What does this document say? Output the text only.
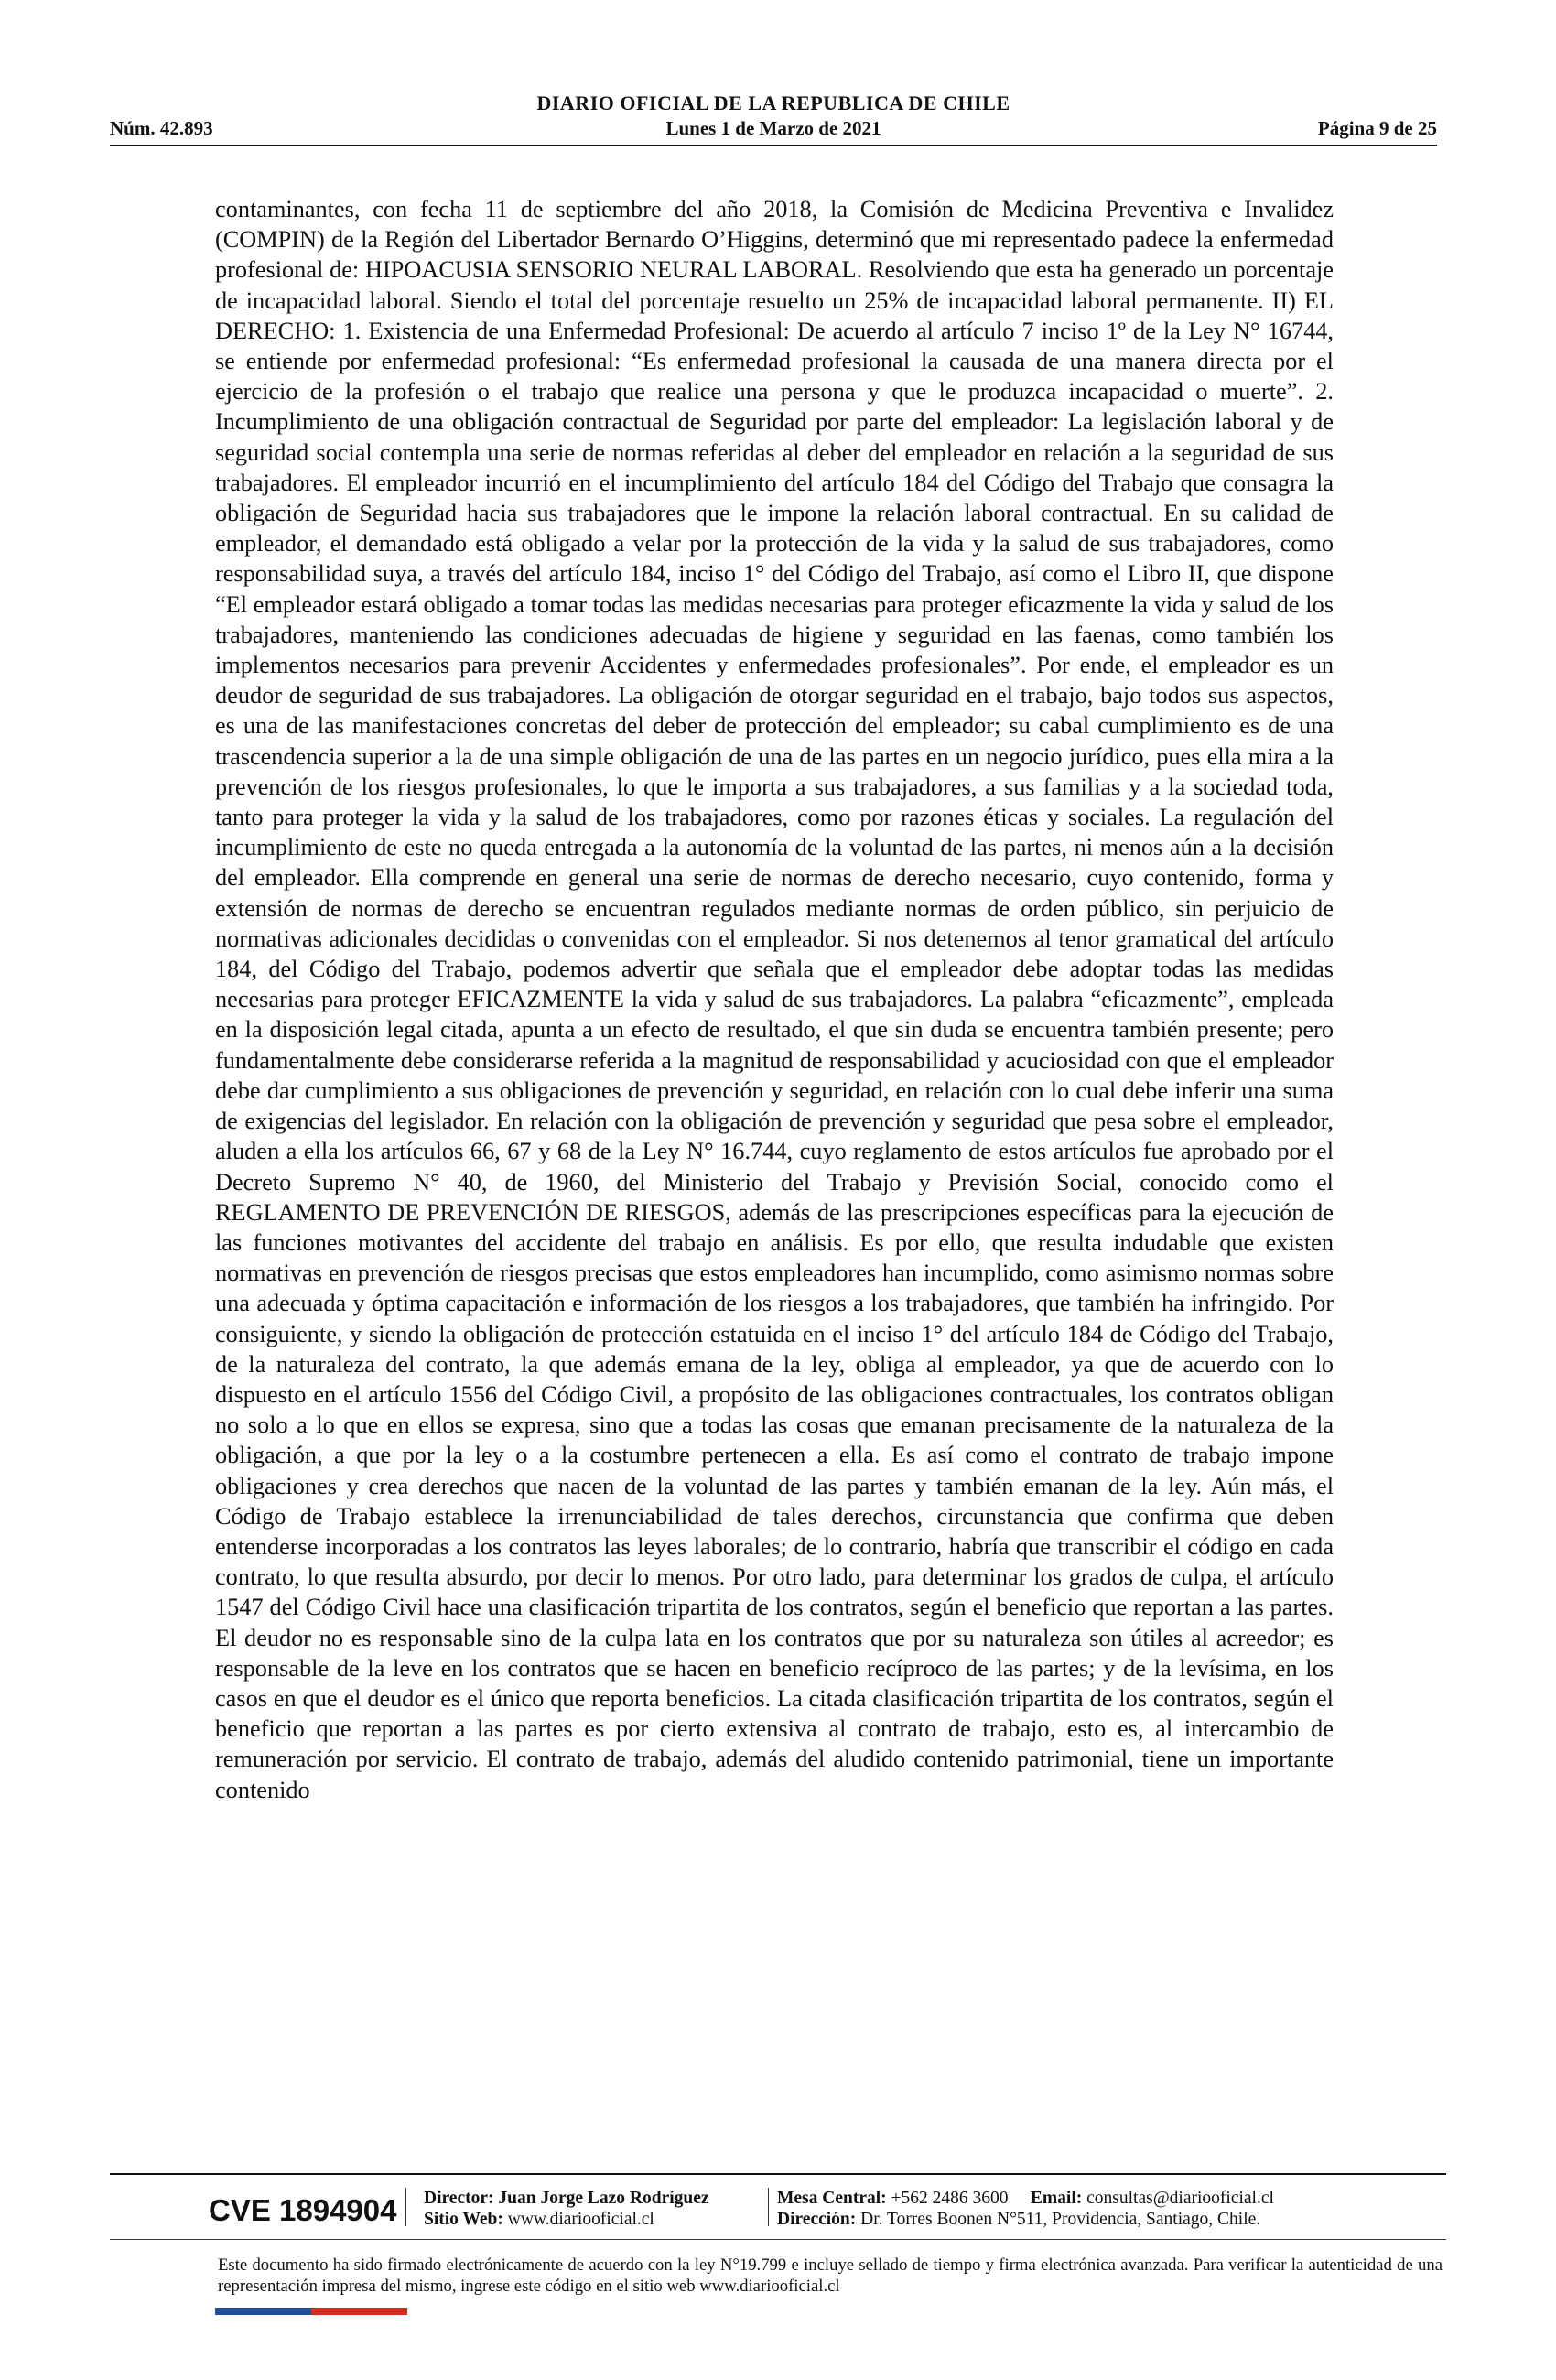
DIARIO OFICIAL DE LA REPUBLICA DE CHILE
Núm. 42.893	Lunes 1 de Marzo de 2021	Página 9 de 25
contaminantes, con fecha 11 de septiembre del año 2018, la Comisión de Medicina Preventiva e Invalidez (COMPIN) de la Región del Libertador Bernardo O’Higgins, determinó que mi representado padece la enfermedad profesional de: HIPOACUSIA SENSORIO NEURAL LABORAL. Resolviendo que esta ha generado un porcentaje de incapacidad laboral. Siendo el total del porcentaje resuelto un 25% de incapacidad laboral permanente. II) EL DERECHO: 1. Existencia de una Enfermedad Profesional: De acuerdo al artículo 7 inciso 1º de la Ley N° 16744, se entiende por enfermedad profesional: “Es enfermedad profesional la causada de una manera directa por el ejercicio de la profesión o el trabajo que realice una persona y que le produzca incapacidad o muerte”. 2. Incumplimiento de una obligación contractual de Seguridad por parte del empleador: La legislación laboral y de seguridad social contempla una serie de normas referidas al deber del empleador en relación a la seguridad de sus trabajadores. El empleador incurrió en el incumplimiento del artículo 184 del Código del Trabajo que consagra la obligación de Seguridad hacia sus trabajadores que le impone la relación laboral contractual. En su calidad de empleador, el demandado está obligado a velar por la protección de la vida y la salud de sus trabajadores, como responsabilidad suya, a través del artículo 184, inciso 1° del Código del Trabajo, así como el Libro II, que dispone “El empleador estará obligado a tomar todas las medidas necesarias para proteger eficazmente la vida y salud de los trabajadores, manteniendo las condiciones adecuadas de higiene y seguridad en las faenas, como también los implementos necesarios para prevenir Accidentes y enfermedades profesionales”. Por ende, el empleador es un deudor de seguridad de sus trabajadores. La obligación de otorgar seguridad en el trabajo, bajo todos sus aspectos, es una de las manifestaciones concretas del deber de protección del empleador; su cabal cumplimiento es de una trascendencia superior a la de una simple obligación de una de las partes en un negocio jurídico, pues ella mira a la prevención de los riesgos profesionales, lo que le importa a sus trabajadores, a sus familias y a la sociedad toda, tanto para proteger la vida y la salud de los trabajadores, como por razones éticas y sociales. La regulación del incumplimiento de este no queda entregada a la autonomía de la voluntad de las partes, ni menos aún a la decisión del empleador. Ella comprende en general una serie de normas de derecho necesario, cuyo contenido, forma y extensión de normas de derecho se encuentran regulados mediante normas de orden público, sin perjuicio de normativas adicionales decididas o convenidas con el empleador. Si nos detenemos al tenor gramatical del artículo 184, del Código del Trabajo, podemos advertir que señala que el empleador debe adoptar todas las medidas necesarias para proteger EFICAZMENTE la vida y salud de sus trabajadores. La palabra “eficazmente”, empleada en la disposición legal citada, apunta a un efecto de resultado, el que sin duda se encuentra también presente; pero fundamentalmente debe considerarse referida a la magnitud de responsabilidad y acuciosidad con que el empleador debe dar cumplimiento a sus obligaciones de prevención y seguridad, en relación con lo cual debe inferir una suma de exigencias del legislador. En relación con la obligación de prevención y seguridad que pesa sobre el empleador, aluden a ella los artículos 66, 67 y 68 de la Ley N° 16.744, cuyo reglamento de estos artículos fue aprobado por el Decreto Supremo N° 40, de 1960, del Ministerio del Trabajo y Previsión Social, conocido como el REGLAMENTO DE PREVENCIÓN DE RIESGOS, además de las prescripciones específicas para la ejecución de las funciones motivantes del accidente del trabajo en análisis. Es por ello, que resulta indudable que existen normativas en prevención de riesgos precisas que estos empleadores han incumplido, como asimismo normas sobre una adecuada y óptima capacitación e información de los riesgos a los trabajadores, que también ha infringido. Por consiguiente, y siendo la obligación de protección estatuida en el inciso 1° del artículo 184 de Código del Trabajo, de la naturaleza del contrato, la que además emana de la ley, obliga al empleador, ya que de acuerdo con lo dispuesto en el artículo 1556 del Código Civil, a propósito de las obligaciones contractuales, los contratos obligan no solo a lo que en ellos se expresa, sino que a todas las cosas que emanan precisamente de la naturaleza de la obligación, a que por la ley o a la costumbre pertenecen a ella. Es así como el contrato de trabajo impone obligaciones y crea derechos que nacen de la voluntad de las partes y también emanan de la ley. Aún más, el Código de Trabajo establece la irrenunciabilidad de tales derechos, circunstancia que confirma que deben entenderse incorporadas a los contratos las leyes laborales; de lo contrario, habría que transcribir el código en cada contrato, lo que resulta absurdo, por decir lo menos. Por otro lado, para determinar los grados de culpa, el artículo 1547 del Código Civil hace una clasificación tripartita de los contratos, según el beneficio que reportan a las partes. El deudor no es responsable sino de la culpa lata en los contratos que por su naturaleza son útiles al acreedor; es responsable de la leve en los contratos que se hacen en beneficio recíproco de las partes; y de la levísima, en los casos en que el deudor es el único que reporta beneficios. La citada clasificación tripartita de los contratos, según el beneficio que reportan a las partes es por cierto extensiva al contrato de trabajo, esto es, al intercambio de remuneración por servicio. El contrato de trabajo, además del aludido contenido patrimonial, tiene un importante contenido
CVE 1894904 Director: Juan Jorge Lazo Rodríguez
Sitio Web: www.diariooficial.cl
Mesa Central: +562 2486 3600 Email: consultas@diariooficial.cl
Dirección: Dr. Torres Boonen N°511, Providencia, Santiago, Chile.
Este documento ha sido firmado electrónicamente de acuerdo con la ley N°19.799 e incluye sellado de tiempo y firma electrónica avanzada. Para verificar la autenticidad de una representación impresa del mismo, ingrese este código en el sitio web www.diariooficial.cl
